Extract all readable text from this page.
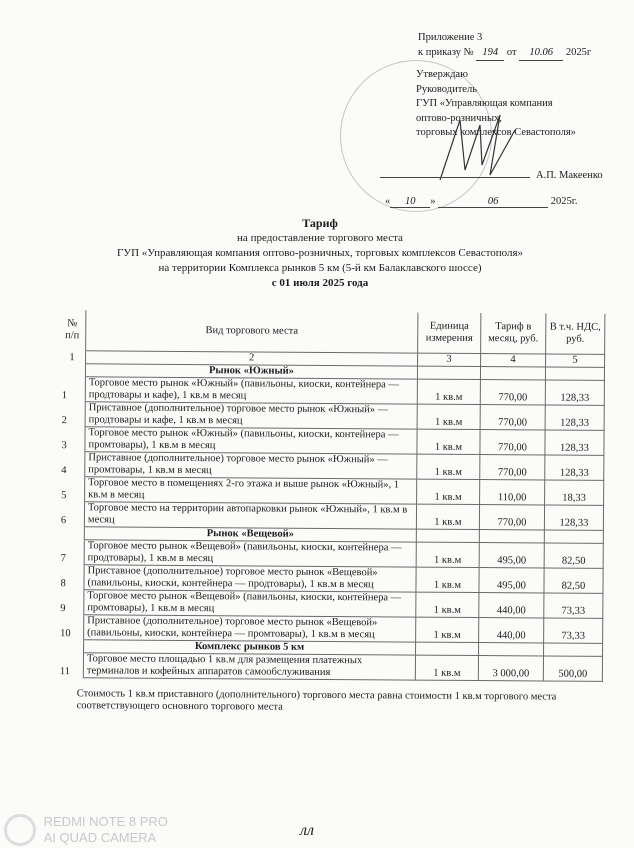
Приложение 3
к приказу № 194 от 10.06 2025г
Утверждаю
Руководитель
ГУП «Управляющая компания
оптово-розничных,
торговых комплексов Севастополя»
А.П. Макеенко
« 10 »	06	2025г.
Тариф
на предоставление торгового места
ГУП «Управляющая компания оптово-розничных, торговых комплексов Севастополя»
на территории Комплекса рынков 5 км (5-й км Балаклавского шоссе)
с 01 июля 2025 года
№ п/п	Вид торгового места	Единица измерения	Тариф в месяц, руб.	В т.ч. НДС, руб.
1	2	3	4	5
	Рынок «Южный»			
1	Торговое место рынок «Южный» (павильоны, киоски, контейнера — продтовары и кафе), 1 кв.м в месяц	1 кв.м	770,00	128,33
2	Приставное (дополнительное) торговое место рынок «Южный» — продтовары и кафе, 1 кв.м в месяц	1 кв.м	770,00	128,33
3	Торговое место рынок «Южный» (павильоны, киоски, контейнера — промтовары), 1 кв.м в месяц	1 кв.м	770,00	128,33
4	Приставное (дополнительное) торговое место рынок «Южный» — промтовары, 1 кв.м в месяц	1 кв.м	770,00	128,33
5	Торговое место в помещениях 2-го этажа и выше рынок «Южный», 1 кв.м в месяц	1 кв.м	110,00	18,33
6	Торговое место на территории автопарковки рынок «Южный», 1 кв.м в месяц	1 кв.м	770,00	128,33
	Рынок «Вещевой»			
7	Торговое место рынок «Вещевой» (павильоны, киоски, контейнера — продтовары), 1 кв.м в месяц	1 кв.м	495,00	82,50
8	Приставное (дополнительное) торговое место рынок «Вещевой» (павильоны, киоски, контейнера — продтовары), 1 кв.м в месяц	1 кв.м	495,00	82,50
9	Торговое место рынок «Вещевой» (павильоны, киоски, контейнера — промтовары), 1 кв.м в месяц	1 кв.м	440,00	73,33
10	Приставное (дополнительное) торговое место рынок «Вещевой» (павильоны, киоски, контейнера — промтовары), 1 кв.м в месяц	1 кв.м	440,00	73,33
	Комплекс рынков 5 км			
11	Торговое место площадью 1 кв.м для размещения платежных терминалов и кофейных аппаратов самообслуживания	1 кв.м	3 000,00	500,00
Стоимость 1 кв.м приставного (дополнительного) торгового места равна стоимости 1 кв.м торгового места соответствующего основного торгового места				

REDMI NOTE 8 PRO
AI QUAD CAMERA	лл
